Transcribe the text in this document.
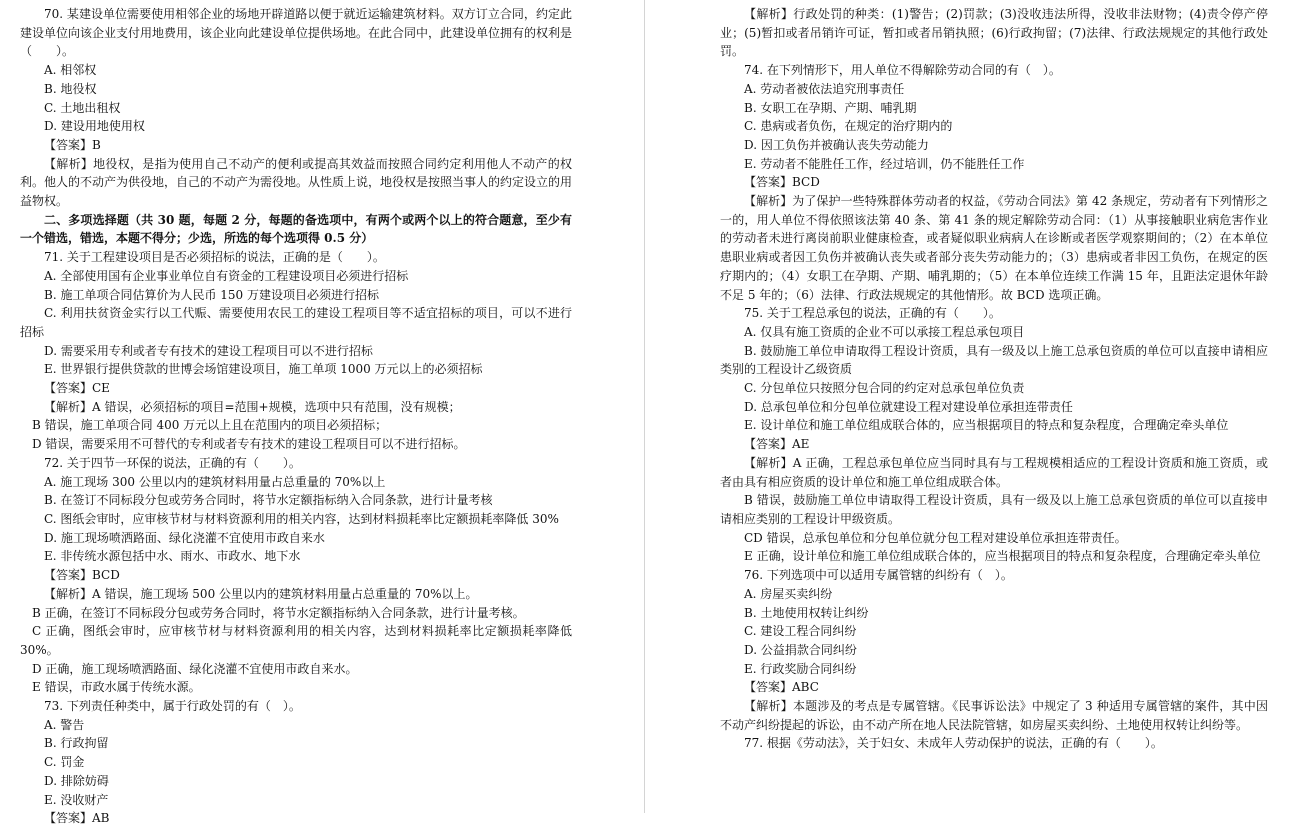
70. 某建设单位需要使用相邻企业的场地开辟道路以便于就近运输建筑材料。双方订立合同，约定此建设单位向该企业支付用地费用，该企业向此建设单位提供场地。在此合同中，此建设单位拥有的权利是（　　）。

A. 相邻权

B. 地役权

C. 土地出租权

D. 建设用地使用权

【答案】B

【解析】地役权，是指为使用自己不动产的便利或提高其效益而按照合同约定利用他人不动产的权利。他人的不动产为供役地，自己的不动产为需役地。从性质上说，地役权是按照当事人的约定设立的用益物权。

二、多项选择题（共 30 题，每题 2 分，每题的备选项中，有两个或两个以上的符合题意，至少有一个错选，错选，本题不得分；少选，所选的每个选项得 0.5 分）

71. 关于工程建设项目是否必须招标的说法，正确的是（　　）。

A. 全部使用国有企业事业单位自有资金的工程建设项目必须进行招标

B. 施工单项合同估算价为人民币 150 万建设项目必须进行招标

C. 利用扶贫资金实行以工代赈、需要使用农民工的建设工程项目等不适宜招标的项目，可以不进行招标

D. 需要采用专利或者专有技术的建设工程项目可以不进行招标

E. 世界银行提供贷款的世博会场馆建设项目，施工单项 1000 万元以上的必须招标

【答案】CE

【解析】A 错误，必须招标的项目=范围+规模，选项中只有范围，没有规模；

B 错误，施工单项合同 400 万元以上且在范围内的项目必须招标；

D 错误，需要采用不可替代的专利或者专有技术的建设工程项目可以不进行招标。

72. 关于四节一环保的说法，正确的有（　　）。

A. 施工现场 300 公里以内的建筑材料用量占总重量的 70%以上

B. 在签订不同标段分包或劳务合同时，将节水定额指标纳入合同条款，进行计量考核

C. 图纸会审时，应审核节材与材料资源利用的相关内容，达到材料损耗率比定额损耗率降低 30%

D. 施工现场喷洒路面、绿化浇灌不宜使用市政自来水

E. 非传统水源包括中水、雨水、市政水、地下水

【答案】BCD

【解析】A 错误，施工现场 500 公里以内的建筑材料用量占总重量的 70%以上。

B 正确，在签订不同标段分包或劳务合同时，将节水定额指标纳入合同条款，进行计量考核。

C 正确，图纸会审时，应审核节材与材料资源利用的相关内容，达到材料损耗率比定额损耗率降低 30%。

D 正确，施工现场喷洒路面、绿化浇灌不宜使用市政自来水。

E 错误，市政水属于传统水源。

73. 下列责任种类中，属于行政处罚的有（　）。

A. 警告

B. 行政拘留

C. 罚金

D. 排除妨碍

E. 没收财产

【答案】AB

【解析】行政处罚的种类：(1)警告；(2)罚款；(3)没收违法所得，没收非法财物；(4)责令停产停业；(5)暂扣或者吊销许可证，暂扣或者吊销执照；(6)行政拘留；(7)法律、行政法规规定的其他行政处罚。

74. 在下列情形下，用人单位不得解除劳动合同的有（　）。

A. 劳动者被依法追究刑事责任

B. 女职工在孕期、产期、哺乳期

C. 患病或者负伤，在规定的治疗期内的

D. 因工负伤并被确认丧失劳动能力

E. 劳动者不能胜任工作，经过培训，仍不能胜任工作

【答案】BCD

【解析】为了保护一些特殊群体劳动者的权益，《劳动合同法》第 42 条规定，劳动者有下列情形之一的，用人单位不得依照该法第 40 条、第 41 条的规定解除劳动合同：（1）从事接触职业病危害作业的劳动者未进行离岗前职业健康检查，或者疑似职业病病人在诊断或者医学观察期间的；（2）在本单位患职业病或者因工负伤并被确认丧失或者部分丧失劳动能力的；（3）患病或者非因工负伤，在规定的医疗期内的；（4）女职工在孕期、产期、哺乳期的；（5）在本单位连续工作满 15 年，且距法定退休年龄不足 5 年的；（6）法律、行政法规规定的其他情形。故 BCD 选项正确。

75. 关于工程总承包的说法，正确的有（　　）。

A. 仅具有施工资质的企业不可以承接工程总承包项目

B. 鼓励施工单位申请取得工程设计资质，具有一级及以上施工总承包资质的单位可以直接申请相应类别的工程设计乙级资质

C. 分包单位只按照分包合同的约定对总承包单位负责

D. 总承包单位和分包单位就建设工程对建设单位承担连带责任

E. 设计单位和施工单位组成联合体的，应当根据项目的特点和复杂程度，合理确定牵头单位

【答案】AE

【解析】A 正确，工程总承包单位应当同时具有与工程规模相适应的工程设计资质和施工资质，或者由具有相应资质的设计单位和施工单位组成联合体。

B 错误，鼓励施工单位申请取得工程设计资质，具有一级及以上施工总承包资质的单位可以直接申请相应类别的工程设计甲级资质。

CD 错误，总承包单位和分包单位就分包工程对建设单位承担连带责任。

E 正确，设计单位和施工单位组成联合体的，应当根据项目的特点和复杂程度，合理确定牵头单位

76. 下列选项中可以适用专属管辖的纠纷有（　）。

A. 房屋买卖纠纷

B. 土地使用权转让纠纷

C. 建设工程合同纠纷

D. 公益捐款合同纠纷

E. 行政奖励合同纠纷

【答案】ABC

【解析】本题涉及的考点是专属管辖。《民事诉讼法》中规定了 3 种适用专属管辖的案件，其中因不动产纠纷提起的诉讼，由不动产所在地人民法院管辖，如房屋买卖纠纷、土地使用权转让纠纷等。

77. 根据《劳动法》，关于妇女、未成年人劳动保护的说法，正确的有（　　）。
